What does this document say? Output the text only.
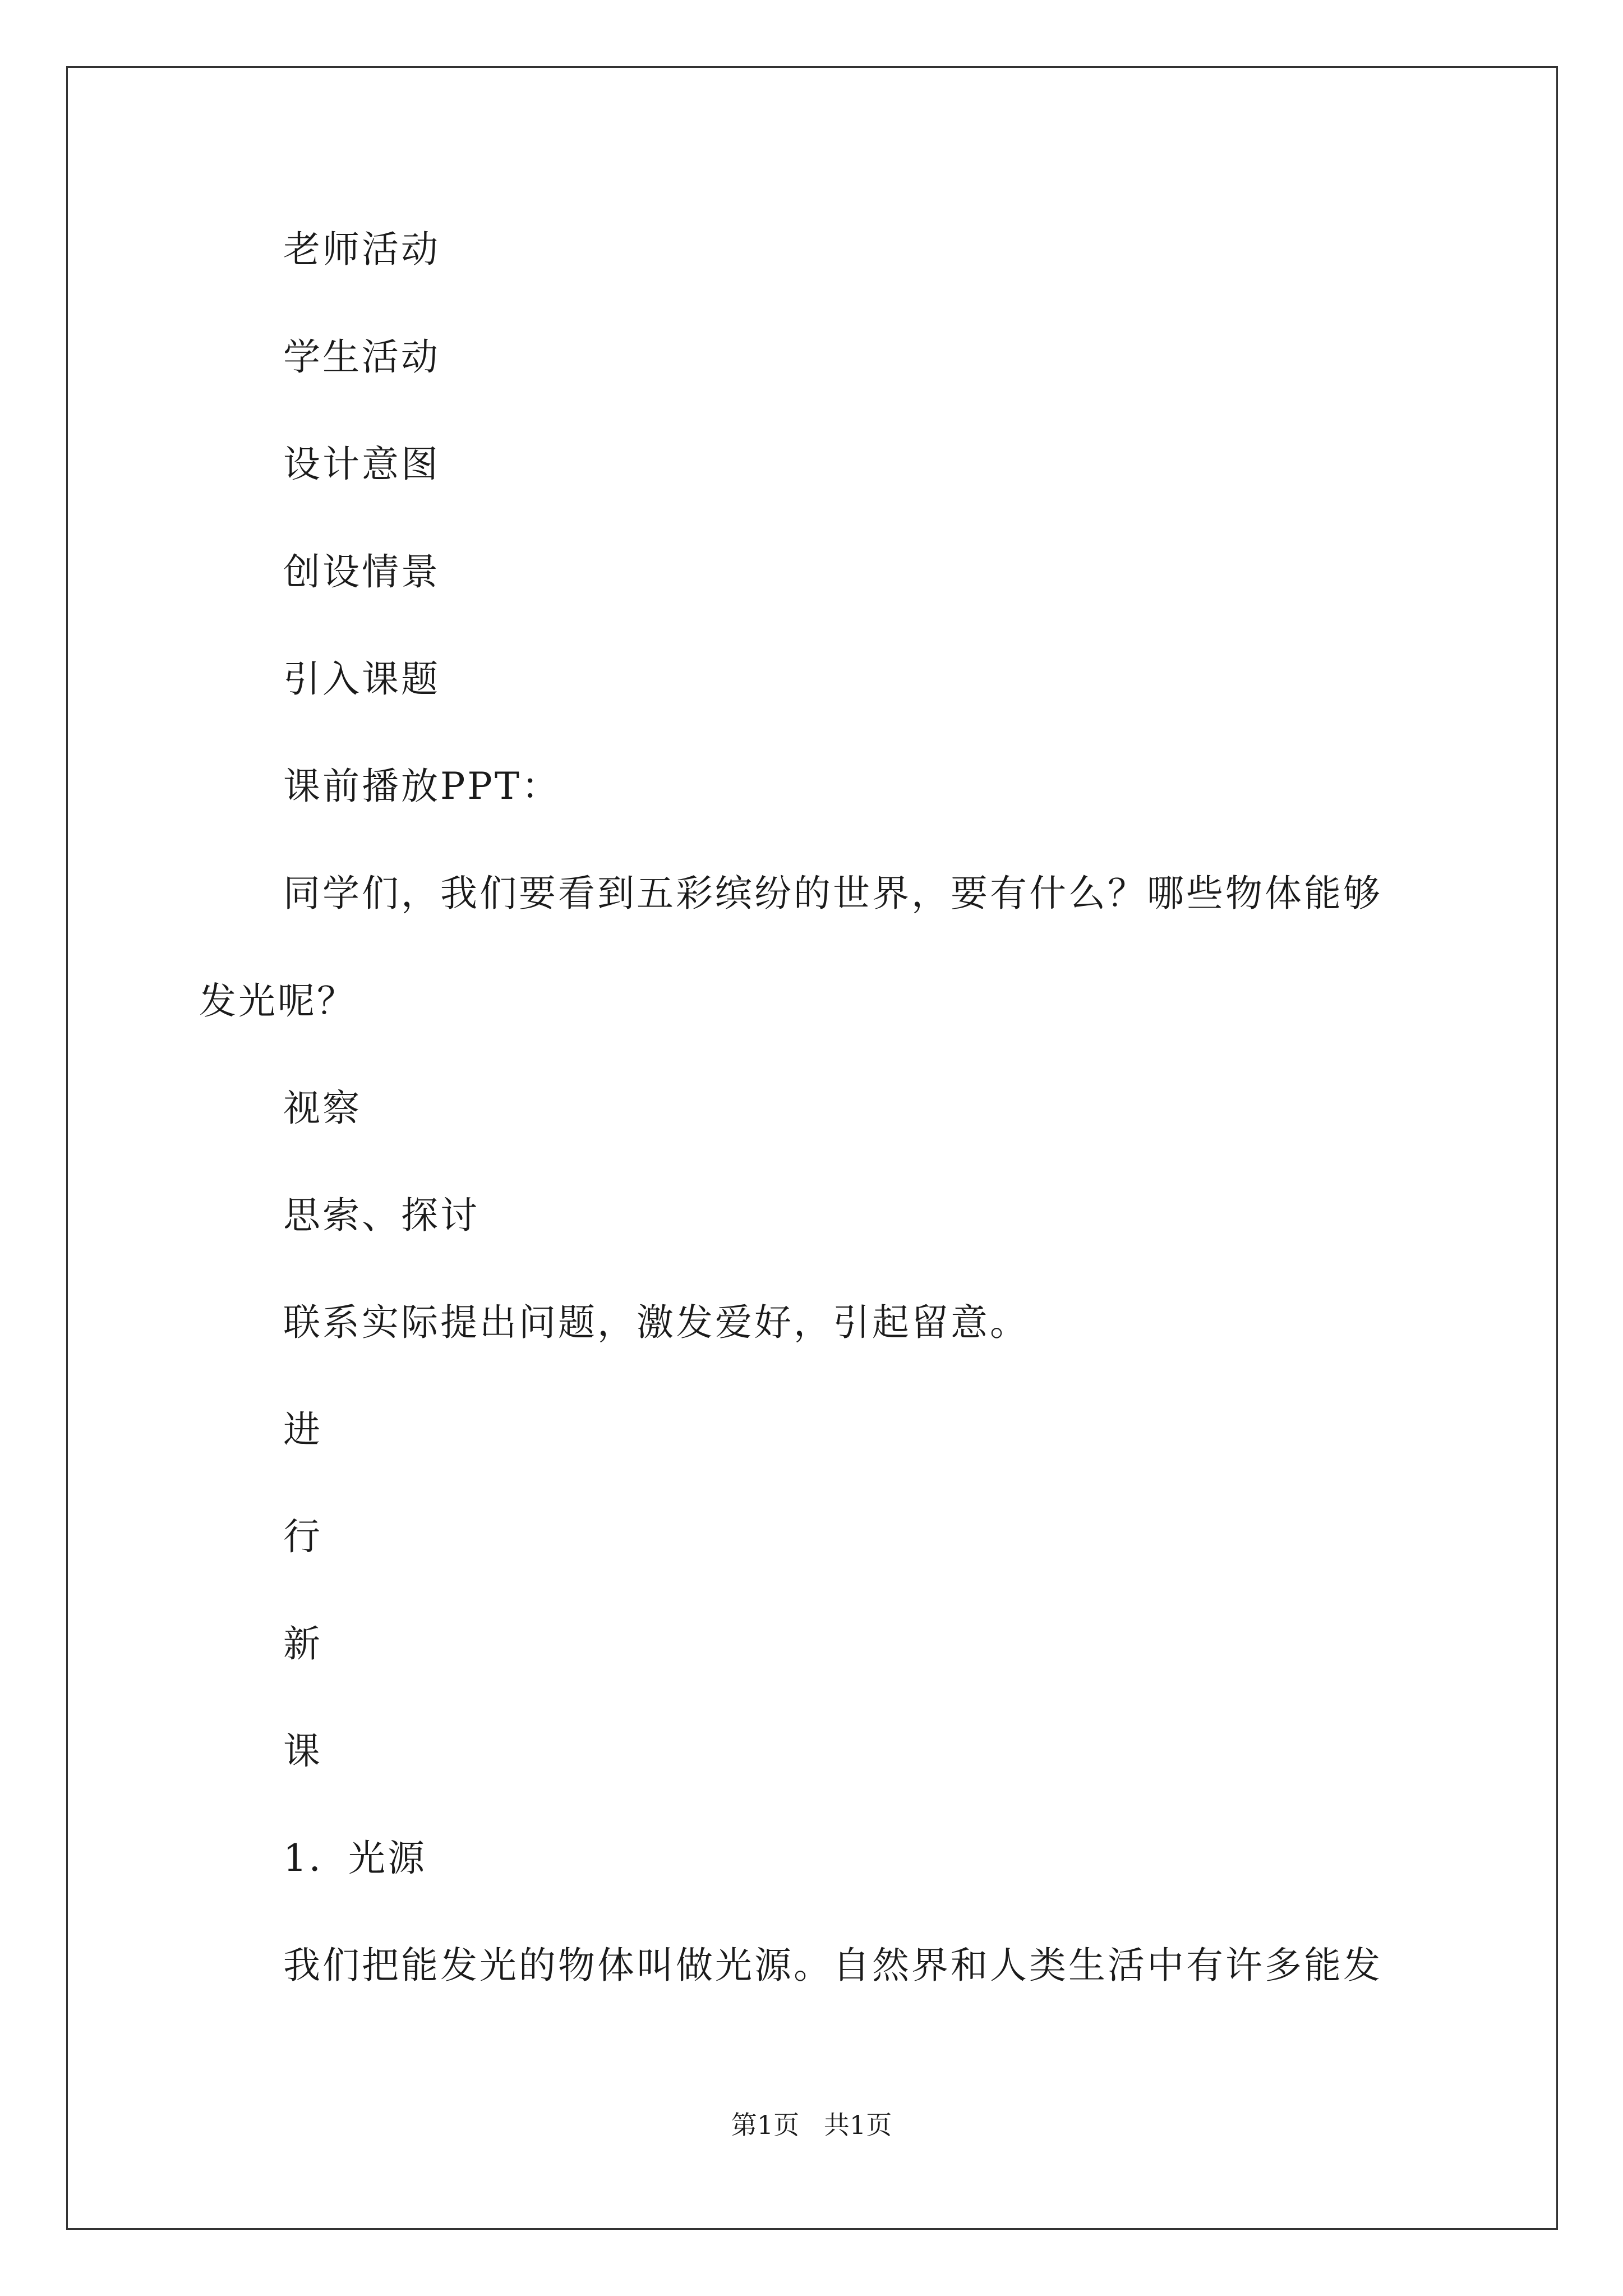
老师活动
学生活动
设计意图
创设情景
引入课题
课前播放PPT：
同学们，我们要看到五彩缤纷的世界，要有什么？哪些物体能够
发光呢？
视察
思索、探讨
联系实际提出问题，激发爱好，引起留意。
进
行
新
课
1．光源
我们把能发光的物体叫做光源。自然界和人类生活中有许多能发
第1页   共1页
